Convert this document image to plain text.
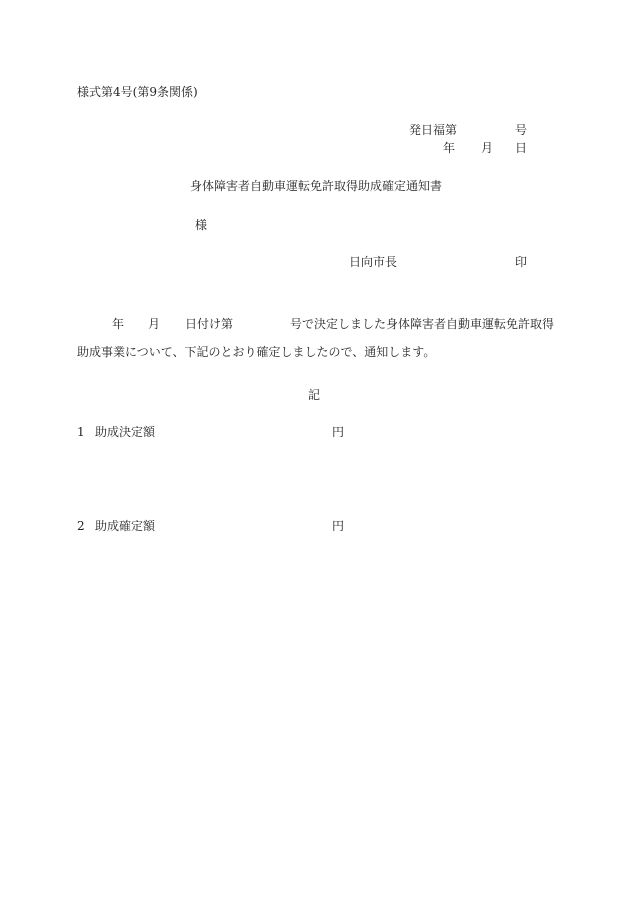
様式第4号(第9条関係)
発日福第	号
年 月 日
身体障害者自動車運転免許取得助成確定通知書
様
日向市長	印
年 月 日付け第	号で決定しました身体障害者自動車運転免許取得
助成事業について、下記のとおり確定しましたので、通知します。
記
1 助成決定額	円
2 助成確定額	円
